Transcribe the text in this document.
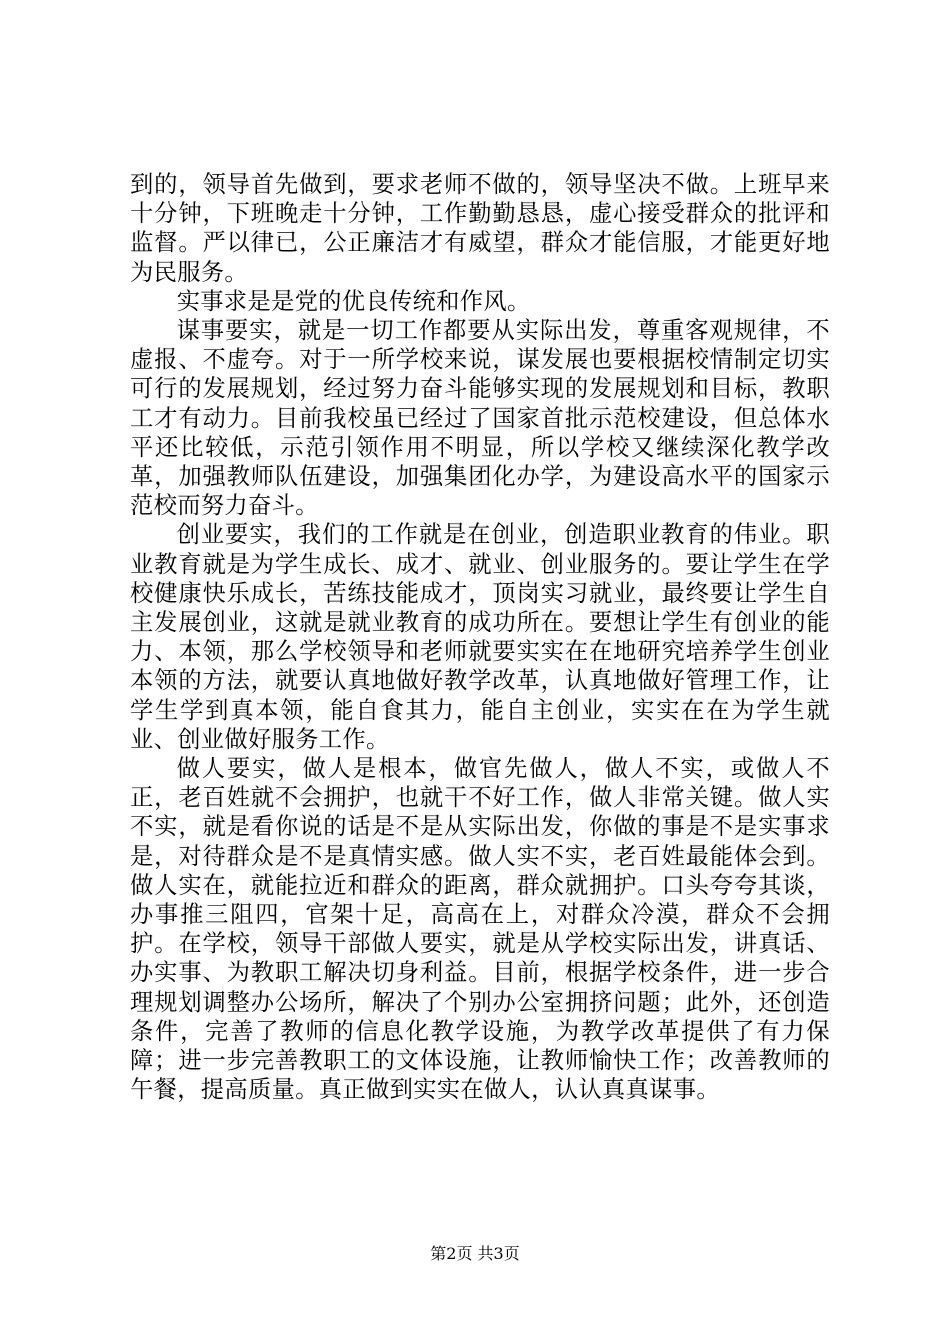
到的，领导首先做到，要求老师不做的，领导坚决不做。上班早来十分钟，下班晚走十分钟，工作勤勤恳恳，虚心接受群众的批评和监督。严以律已，公正廉洁才有威望，群众才能信服，才能更好地为民服务。

实事求是是党的优良传统和作风。

谋事要实，就是一切工作都要从实际出发，尊重客观规律，不虚报、不虚夸。对于一所学校来说，谋发展也要根据校情制定切实可行的发展规划，经过努力奋斗能够实现的发展规划和目标，教职工才有动力。目前我校虽已经过了国家首批示范校建设，但总体水平还比较低，示范引领作用不明显，所以学校又继续深化教学改革，加强教师队伍建设，加强集团化办学，为建设高水平的国家示范校而努力奋斗。

创业要实，我们的工作就是在创业，创造职业教育的伟业。职业教育就是为学生成长、成才、就业、创业服务的。要让学生在学校健康快乐成长，苦练技能成才，顶岗实习就业，最终要让学生自主发展创业，这就是就业教育的成功所在。要想让学生有创业的能力、本领，那么学校领导和老师就要实实在在地研究培养学生创业本领的方法，就要认真地做好教学改革，认真地做好管理工作，让学生学到真本领，能自食其力，能自主创业，实实在在为学生就业、创业做好服务工作。

做人要实，做人是根本，做官先做人，做人不实，或做人不正，老百姓就不会拥护，也就干不好工作，做人非常关键。做人实不实，就是看你说的话是不是从实际出发，你做的事是不是实事求是，对待群众是不是真情实感。做人实不实，老百姓最能体会到。做人实在，就能拉近和群众的距离，群众就拥护。口头夸夸其谈，办事推三阻四，官架十足，高高在上，对群众冷漠，群众不会拥护。在学校，领导干部做人要实，就是从学校实际出发，讲真话、办实事、为教职工解决切身利益。目前，根据学校条件，进一步合理规划调整办公场所，解决了个别办公室拥挤问题；此外，还创造条件，完善了教师的信息化教学设施，为教学改革提供了有力保障；进一步完善教职工的文体设施，让教师愉快工作；改善教师的午餐，提高质量。真正做到实实在做人，认认真真谋事。

第2页 共3页
